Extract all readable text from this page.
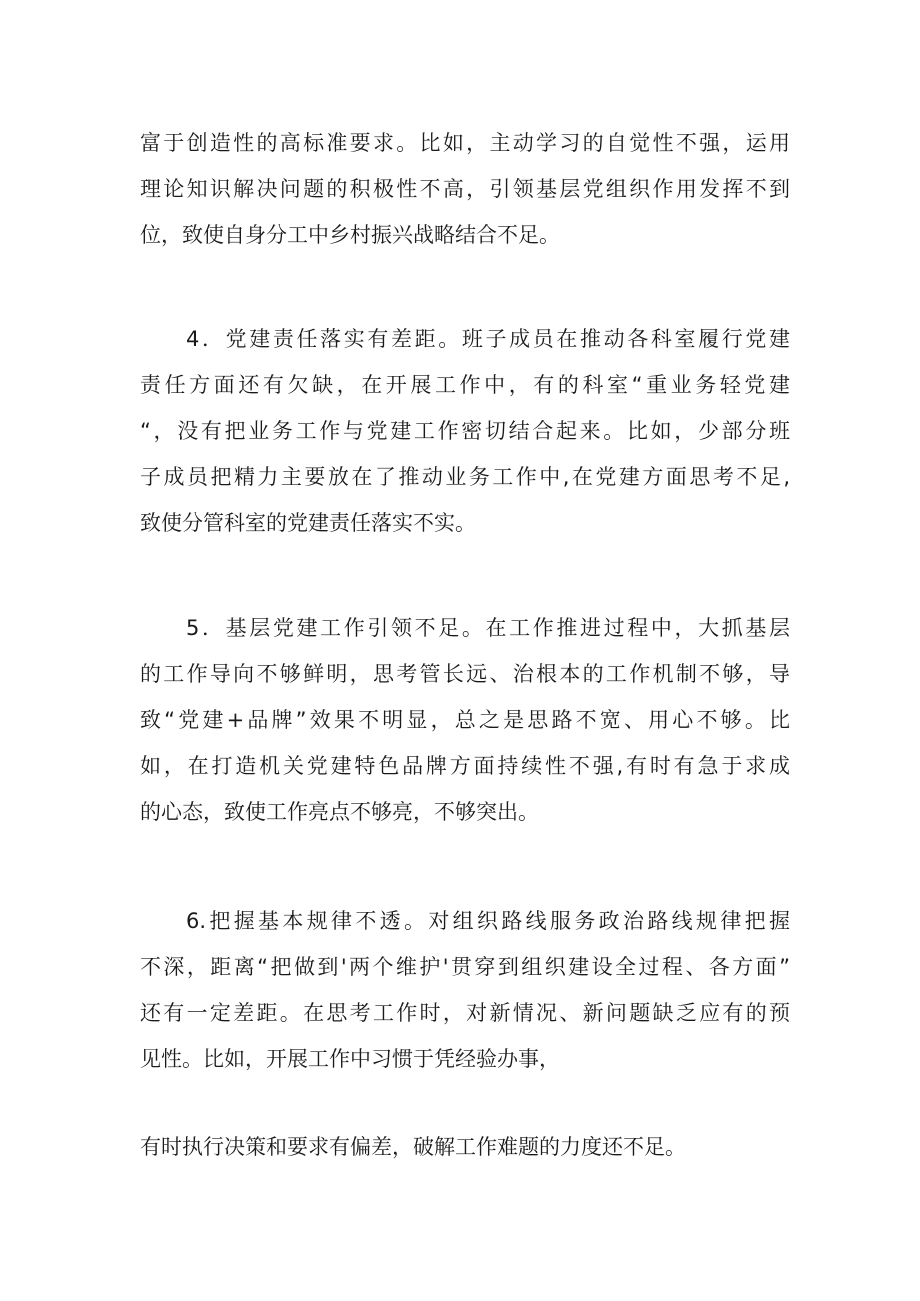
富于创造性的高标准要求。比如，主动学习的自觉性不强，运用
理论知识解决问题的积极性不高，引领基层党组织作用发挥不到
位，致使自身分工中乡村振兴战略结合不足。
4．党建责任落实有差距。班子成员在推动各科室履行党建
责任方面还有欠缺，在开展工作中，有的科室“重业务轻党建
“，没有把业务工作与党建工作密切结合起来。比如，少部分班
子成员把精力主要放在了推动业务工作中,在党建方面思考不足,
致使分管科室的党建责任落实不实。
5．基层党建工作引领不足。在工作推进过程中，大抓基层
的工作导向不够鲜明，思考管长远、治根本的工作机制不够，导
致“党建+品牌”效果不明显，总之是思路不宽、用心不够。比
如，在打造机关党建特色品牌方面持续性不强,有时有急于求成
的心态，致使工作亮点不够亮，不够突出。
6.把握基本规律不透。对组织路线服务政治路线规律把握
不深，距离“把做到'两个维护'贯穿到组织建设全过程、各方面”
还有一定差距。在思考工作时，对新情况、新问题缺乏应有的预
见性。比如，开展工作中习惯于凭经验办事，
有时执行决策和要求有偏差，破解工作难题的力度还不足。
